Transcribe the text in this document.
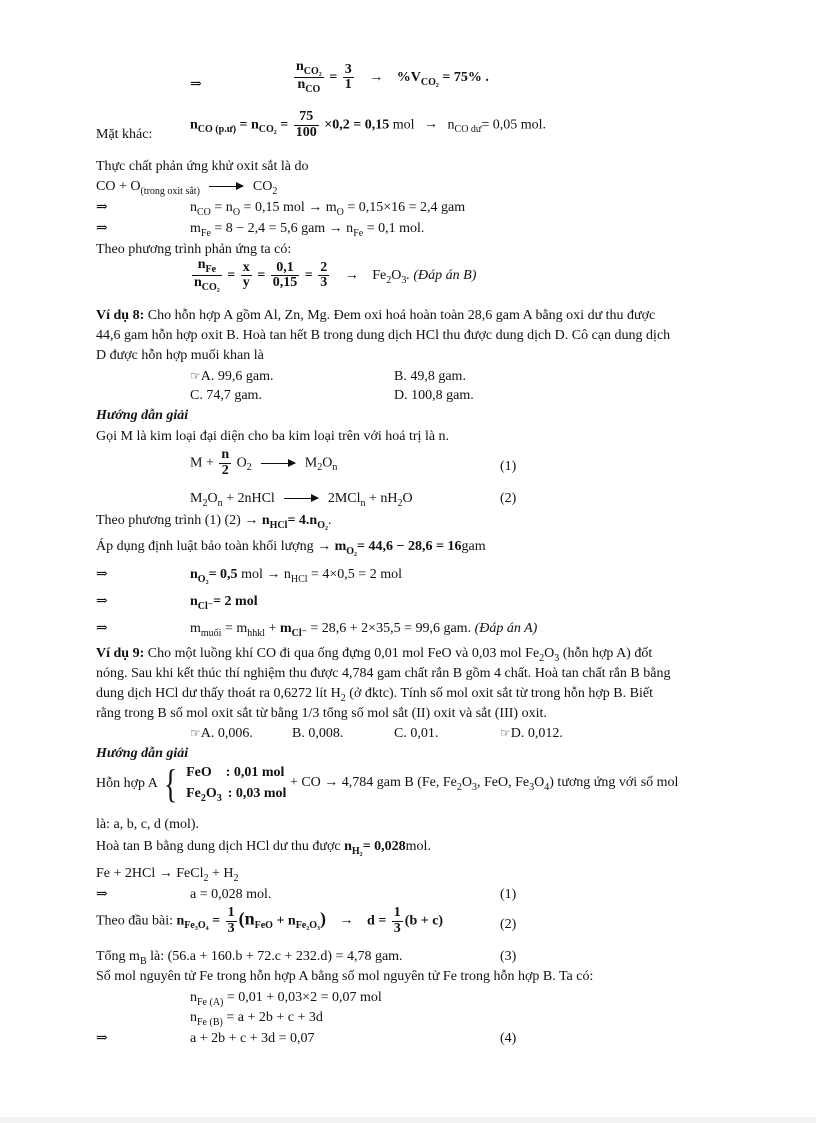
⇒	$\frac{n_{CO_2}}{n_{CO}} = \frac{3}{1} \to \%V_{CO_2} = 75\%$ .
Mặt khác:
$n_{CO (p.ư)} = n_{CO_2} = \frac{75}{100} \times 0,2 = 0,15$ mol → $n_{CO dư}= 0,05$ mol.
Thực chất phản ứng khử oxit sắt là do
CO + $O_{(trong oxit sắt)} \to CO_2$
⇒	$n_{CO} = n_O = 0,15$ mol → $m_O = 0,15\times 16 = 2,4$ gam
⇒	$m_{Fe} = 8 - 2,4 = 5,6$ gam → $n_{Fe} = 0,1$ mol.
Theo phương trình phản ứng ta có:
$\frac{n_{Fe}}{n_{CO_2}} = \frac{x}{y} = \frac{0,1}{0,15} = \frac{2}{3} \to Fe_2O_3$. (Đáp án B)
Ví dụ 8: Cho hỗn hợp A gồm Al, Zn, Mg. Đem oxi hoá hoàn toàn 28,6 gam A bằng oxi dư thu được
44,6 gam hỗn hợp oxit B. Hoà tan hết B trong dung dịch HCl thu được dung dịch D. Cô cạn dung dịch
D được hỗn hợp muối khan là
☞A. 99,6 gam.	B. 49,8 gam.
C. 74,7 gam.	D. 100,8 gam.
Hướng dẫn giải
Gọi M là kim loại đại diện cho ba kim loại trên với hoá trị là n.
$M + \frac{n}{2} O_2 \to M_2O_n$	(1)
$M_2O_n$ + 2nHCl → $2MCl_n + nH_2O$	(2)
Theo phương trình (1) $(2) \to n_{HCl}= 4.n_{O_2}$.
Áp dụng định luật bảo toàn khối lượng → $m_{O_2}= 44,6 - 28,6 = 16gam$
⇒	$n_{O_2}= 0,5$ mol → $n_{HCl} = 4\times 0,5 = 2$ mol
⇒	$n_{Cl^-}= 2$ mol
⇒	$m_{muối} = m_{hhkl} + m_{Cl^-} = 28,6 + 2\times 35,5 = 99,6$ gam. (Đáp án A)
Ví dụ 9: Cho một luồng khí CO đi qua ống đựng 0,01 mol FeO và 0,03 mol $Fe_2O_3$ (hỗn hợp A) đốt
nóng. Sau khi kết thúc thí nghiệm thu được 4,784 gam chất rắn B gồm 4 chất. Hoà tan chất rắn B bằng
dung dịch HCl dư thấy thoát ra 0,6272 lít $H_2$ (ở đktc). Tính số mol oxit sắt từ trong hỗn hợp B. Biết
rằng trong B số mol oxit sắt từ bằng 1/3 tổng số mol sắt (II) oxit và sắt (III) oxit.
☞A. 0,006.	B. 0,008.	C. 0,01.	☞D. 0,012.
Hướng dẫn giải
Hỗn hợp A { FeO : 0,01 mol
$Fe_2O_3$ : 0,03 mol
+ CO → 4,784 gam B (Fe, $Fe_2O_3$, FeO, $Fe_3O_4$) tương ứng với số mol
là: a, b, c, d (mol).
Hoà tan B bằng dung dịch HCl dư thu được $n_{H_2}= 0,028mol$.
Fe + 2HCl → FeCl$_2$ + $H_2$
⇒	a = 0,028 mol.	(1)
Theo đầu bài: $n_{Fe_3O_4} = \frac{1}{3} (n_{FeO} + n_{Fe_2O_3}) \to d = \frac{1}{3} (b + c)$	(2)
Tổng $m_B$ là: (56.a + 160.b + 72.c + 232.d) = 4,78 gam.	(3)
Số mol nguyên tử Fe trong hỗn hợp A bằng số mol nguyên tử Fe trong hỗn hợp B. Ta có:
$n_{Fe (A)} = 0,01 + 0,03\times 2 = 0,07$ mol
$n_{Fe (B)} = a + 2b + c + 3d$
⇒	a + 2b + c + 3d = 0,07	(4)
